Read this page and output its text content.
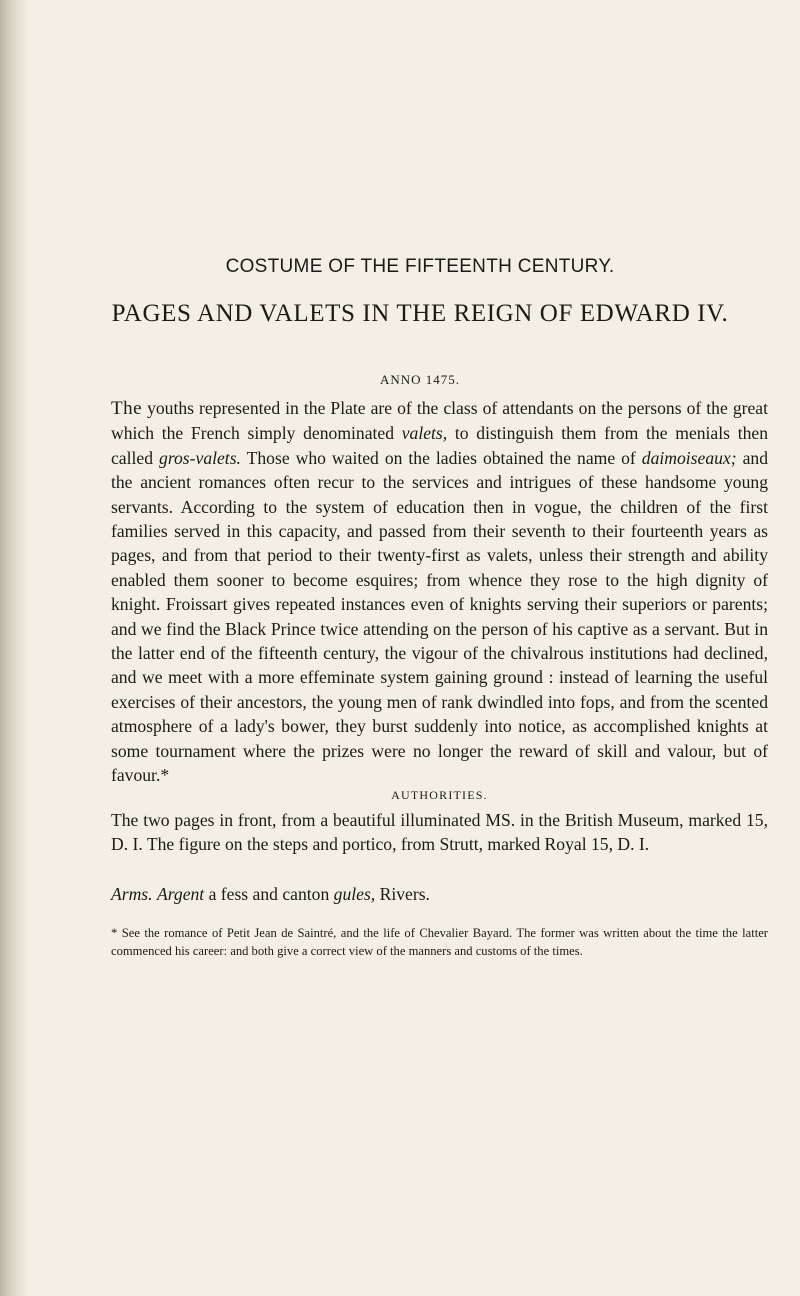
COSTUME OF THE FIFTEENTH CENTURY.
PAGES AND VALETS IN THE REIGN OF EDWARD IV.
ANNO 1475.

The youths represented in the Plate are of the class of attendants on the persons of the great which the French simply denominated valets, to distinguish them from the menials then called gros-valets. Those who waited on the ladies obtained the name of daimoiseaux; and the ancient romances often recur to the services and intrigues of these handsome young servants. According to the system of education then in vogue, the children of the first families served in this capacity, and passed from their seventh to their fourteenth years as pages, and from that period to their twenty-first as valets, unless their strength and ability enabled them sooner to become esquires; from whence they rose to the high dignity of knight. Froissart gives repeated instances even of knights serving their superiors or parents; and we find the Black Prince twice attending on the person of his captive as a servant. But in the latter end of the fifteenth century, the vigour of the chivalrous institutions had declined, and we meet with a more effeminate system gaining ground : instead of learning the useful exercises of their ancestors, the young men of rank dwindled into fops, and from the scented atmosphere of a lady's bower, they burst suddenly into notice, as accomplished knights at some tournament where the prizes were no longer the reward of skill and valour, but of favour.*

AUTHORITIES.

The two pages in front, from a beautiful illuminated MS. in the British Museum, marked 15, D. I. The figure on the steps and portico, from Strutt, marked Royal 15, D. I.

Arms. Argent a fess and canton gules, Rivers.

* See the romance of Petit Jean de Saintré, and the life of Chevalier Bayard. The former was written about the time the latter commenced his career: and both give a correct view of the manners and customs of the times.
